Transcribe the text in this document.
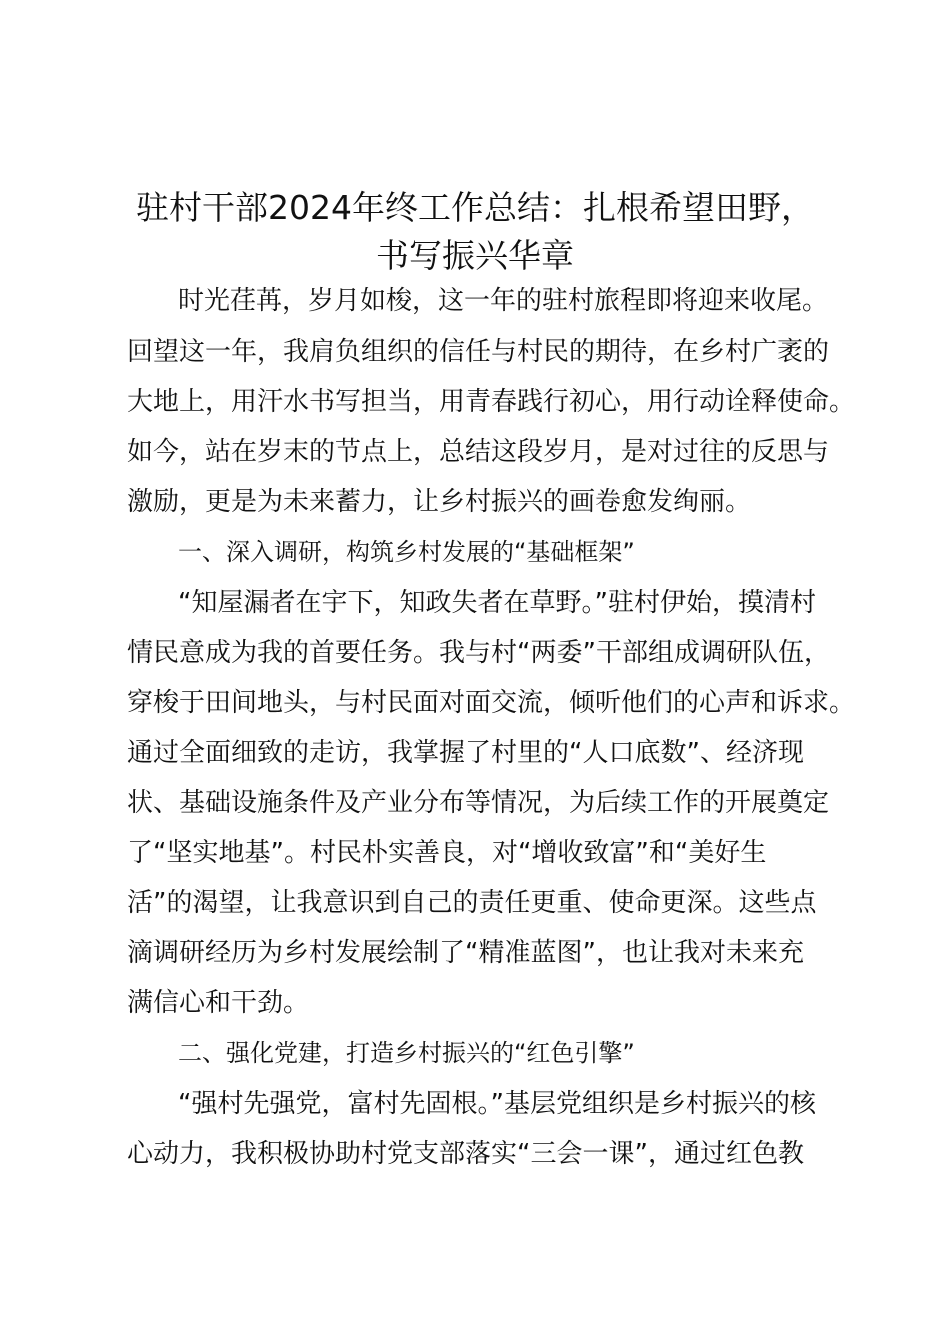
驻村干部2024年终工作总结：扎根希望田野，
书写振兴华章

时光荏苒，岁月如梭，这一年的驻村旅程即将迎来收尾。

回望这一年，我肩负组织的信任与村民的期待，在乡村广袤的

大地上，用汗水书写担当，用青春践行初心，用行动诠释使命。

如今，站在岁末的节点上，总结这段岁月，是对过往的反思与

激励，更是为未来蓄力，让乡村振兴的画卷愈发绚丽。

一、深入调研，构筑乡村发展的“基础框架”

“知屋漏者在宇下，知政失者在草野。”驻村伊始，摸清村

情民意成为我的首要任务。我与村“两委”干部组成调研队伍，

穿梭于田间地头，与村民面对面交流，倾听他们的心声和诉求。

通过全面细致的走访，我掌握了村里的“人口底数”、经济现

状、基础设施条件及产业分布等情况，为后续工作的开展奠定

了“坚实地基”。村民朴实善良，对“增收致富”和“美好生

活”的渴望，让我意识到自己的责任更重、使命更深。这些点

滴调研经历为乡村发展绘制了“精准蓝图”，也让我对未来充

满信心和干劲。

二、强化党建，打造乡村振兴的“红色引擎”

“强村先强党，富村先固根。”基层党组织是乡村振兴的核

心动力，我积极协助村党支部落实“三会一课”，通过红色教
